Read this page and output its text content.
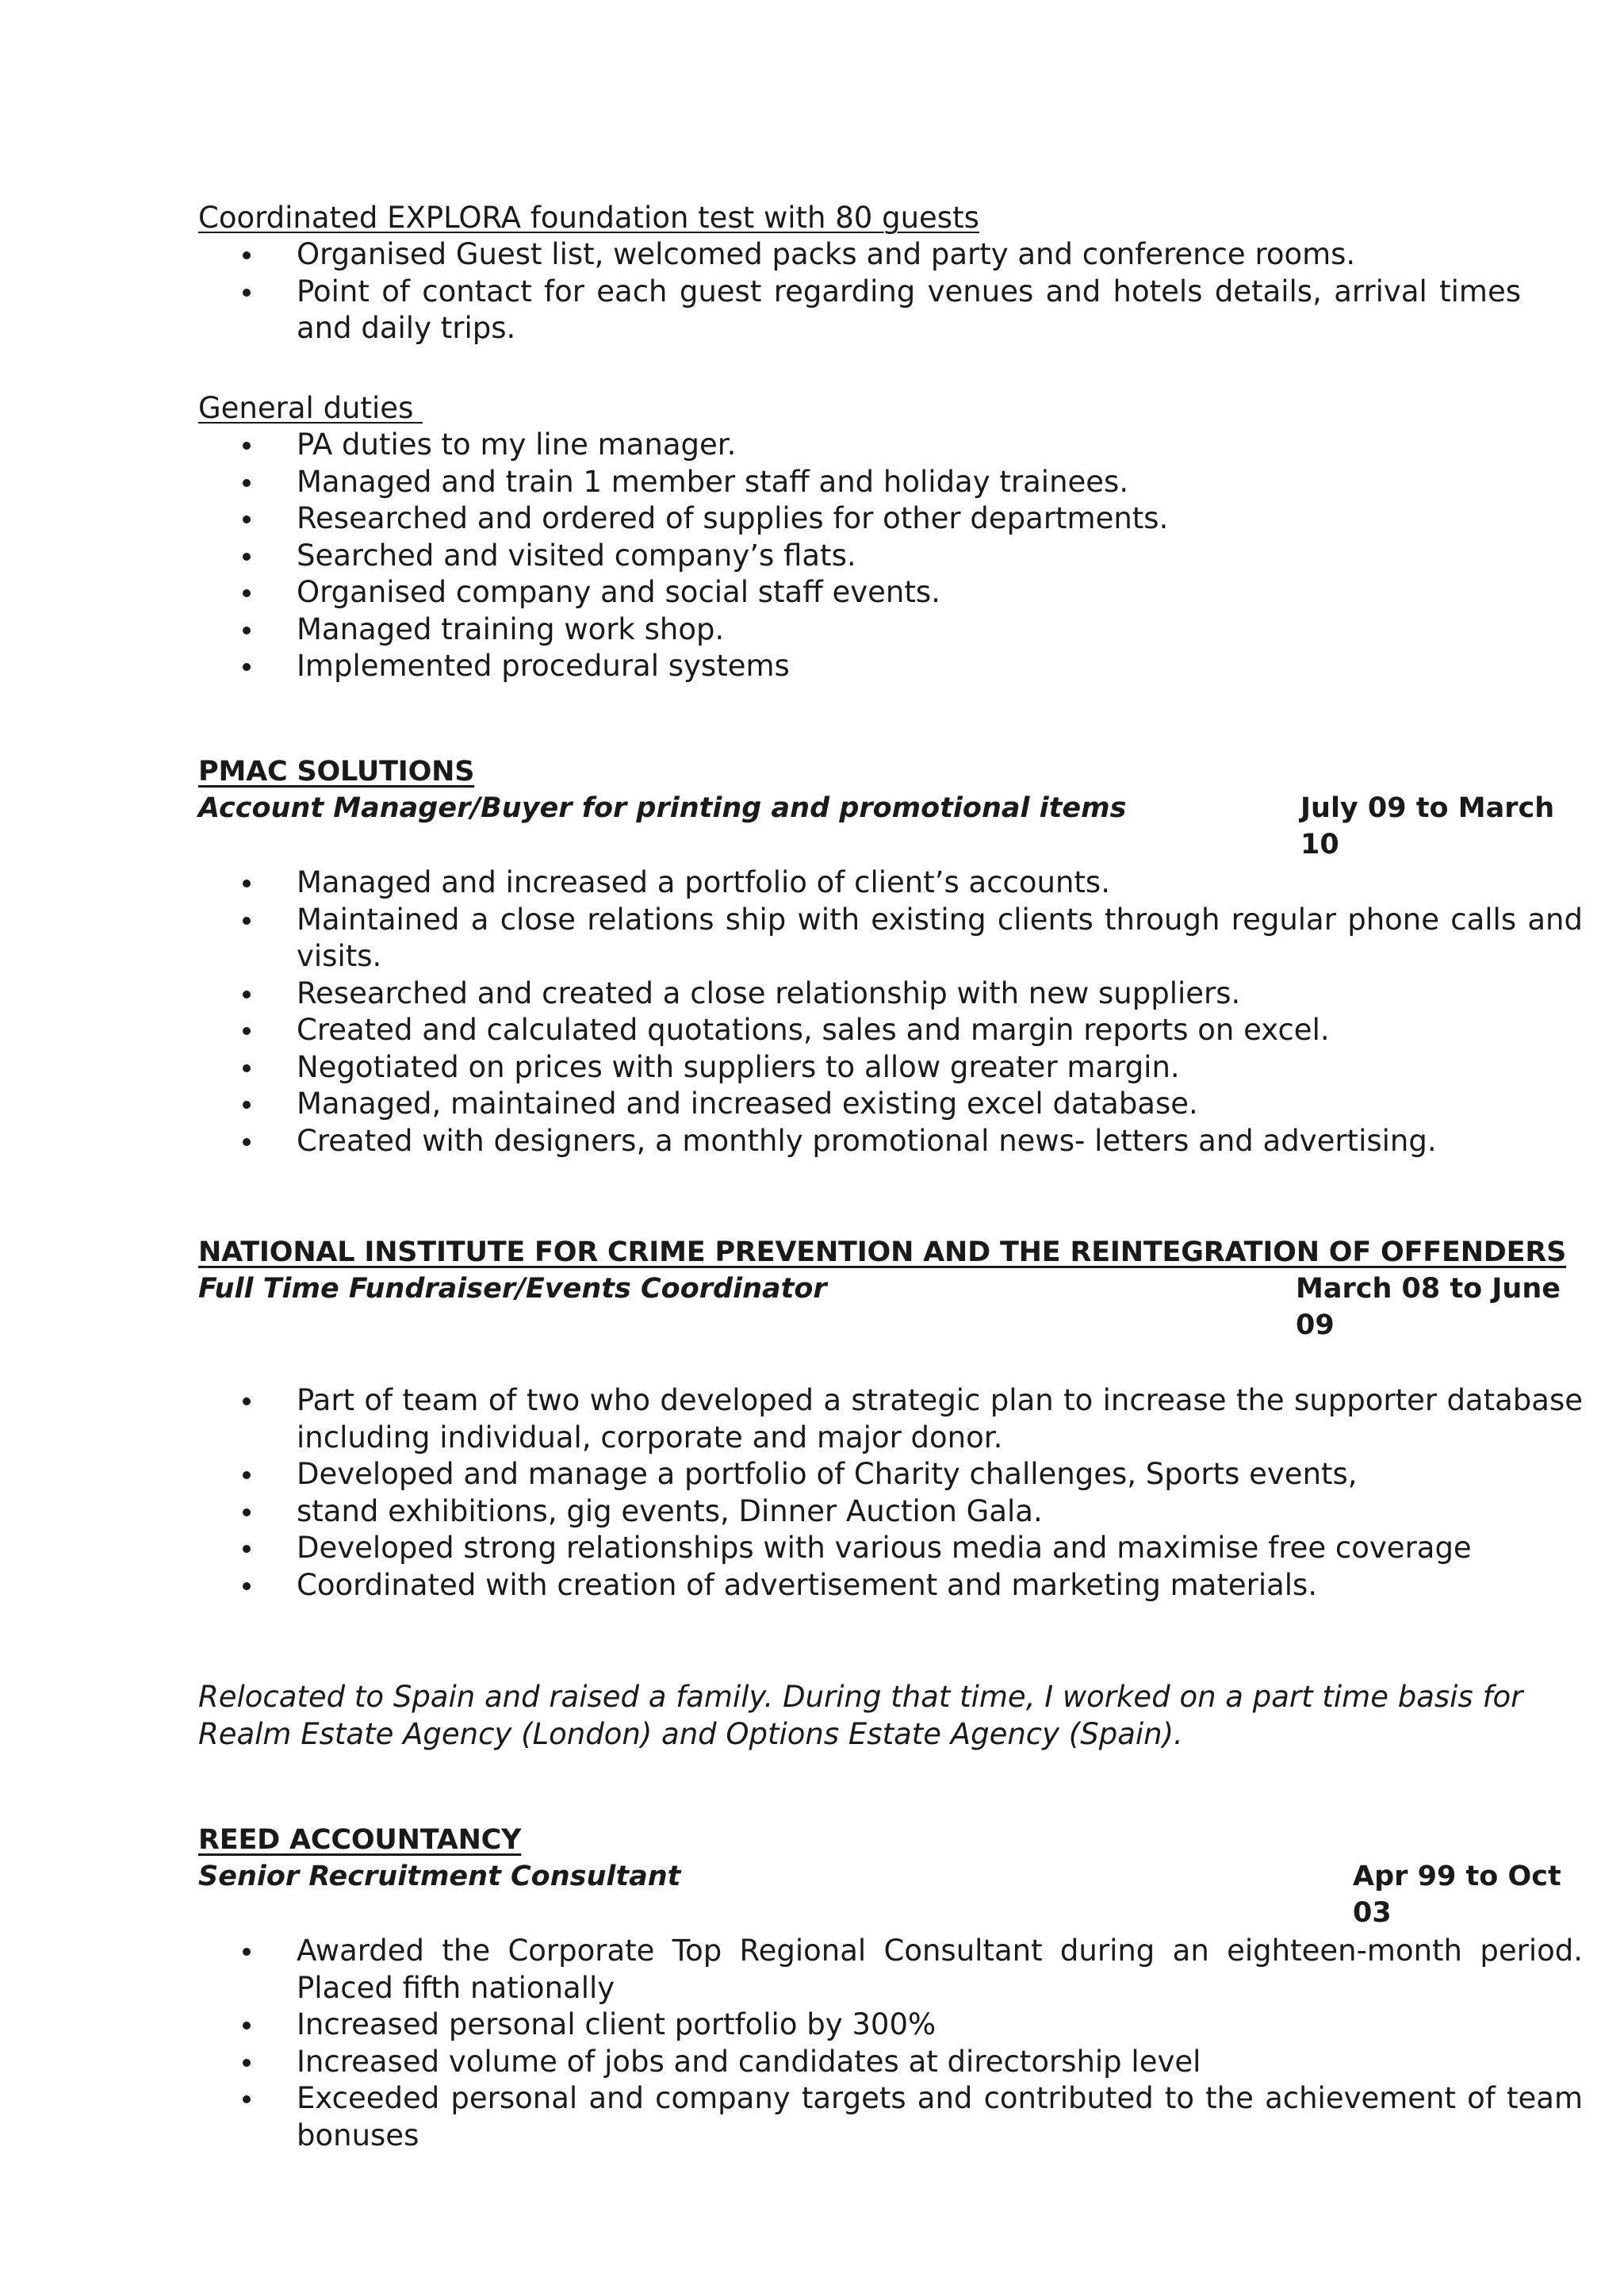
Coordinated EXPLORA foundation test with 80 guests

Organised Guest list, welcomed packs and party and conference rooms.
Point of contact for each guest regarding venues and hotels details, arrival times and daily trips.

General duties

PA duties to my line manager.
Managed and train 1 member staff and holiday trainees.
Researched and ordered of supplies for other departments.
Searched and visited company’s flats.
Organised company and social staff events.
Managed training work shop.
Implemented procedural systems

PMAC SOLUTIONS

Account Manager/Buyer for printing and promotional items	July 09 to March 10
Managed and increased a portfolio of client’s accounts.
Maintained a close relations ship with existing clients through regular phone calls and visits.
Researched and created a close relationship with new suppliers.
Created and calculated quotations, sales and margin reports on excel.
Negotiated on prices with suppliers to allow greater margin.
Managed, maintained and increased existing excel database.
Created with designers, a monthly promotional news- letters and advertising.

NATIONAL INSTITUTE FOR CRIME PREVENTION AND THE REINTEGRATION OF OFFENDERS

Full Time Fundraiser/Events Coordinator	March 08 to June 09
Part of team of two who developed a strategic plan to increase the supporter database including individual, corporate and major donor.
Developed and manage a portfolio of Charity challenges, Sports events,
stand exhibitions, gig events, Dinner Auction Gala.
Developed strong relationships with various media and maximise free coverage
Coordinated with creation of advertisement and marketing materials.

Relocated to Spain and raised a family. During that time, I worked on a part time basis for Realm Estate Agency (London) and Options Estate Agency (Spain).

REED ACCOUNTANCY

Senior Recruitment Consultant	Apr 99 to Oct 03
Awarded the Corporate Top Regional Consultant during an eighteen-month period. Placed fifth nationally
Increased personal client portfolio by 300%
Increased volume of jobs and candidates at directorship level
Exceeded personal and company targets and contributed to the achievement of team bonuses
